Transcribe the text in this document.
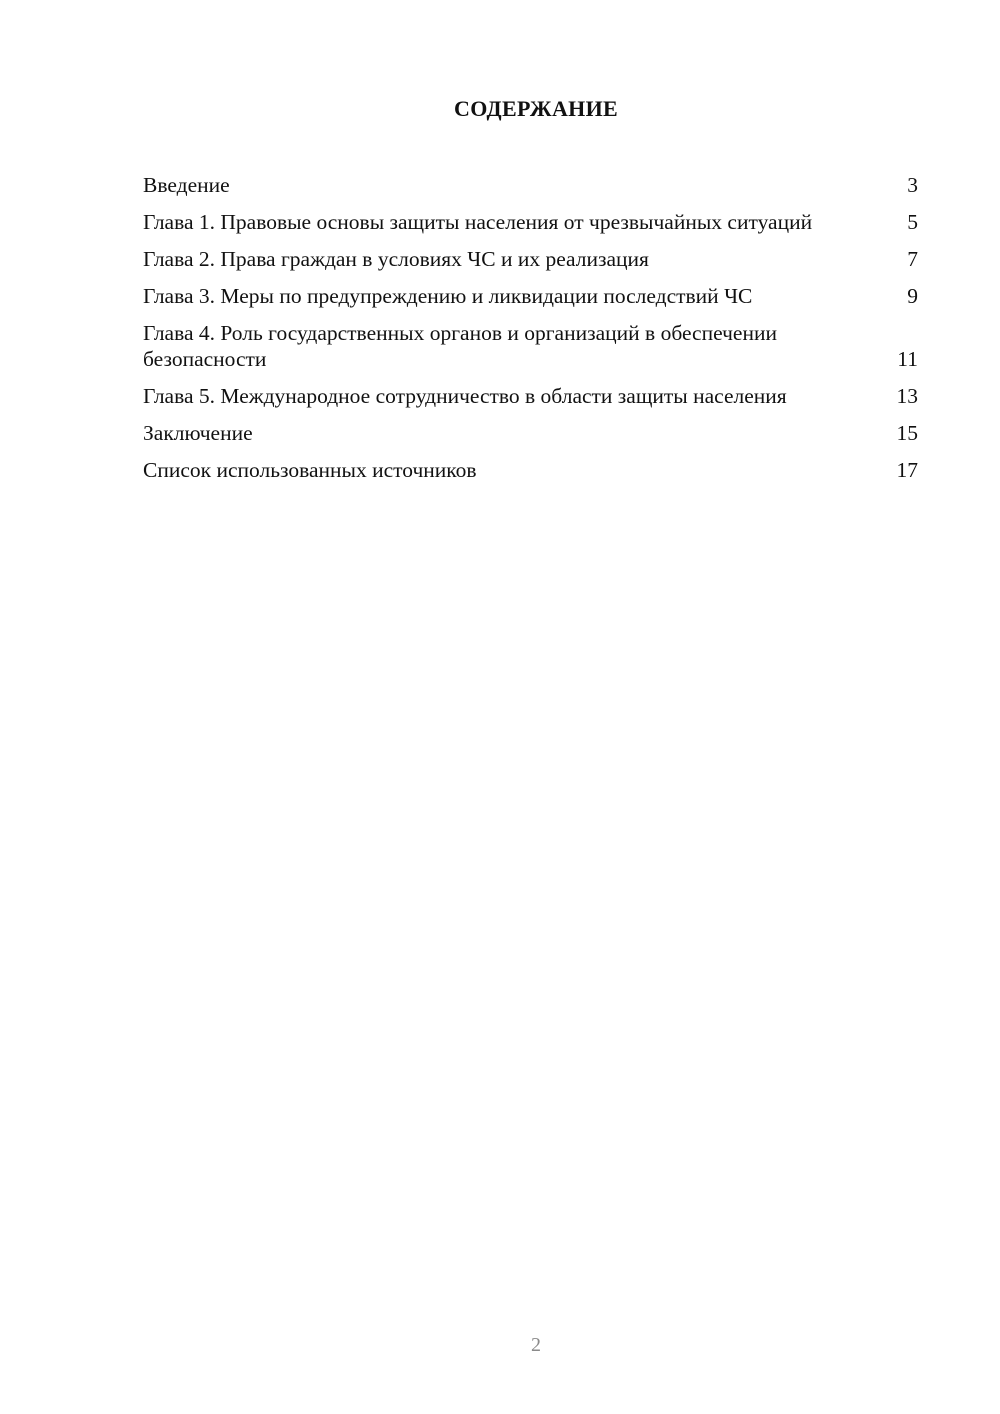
СОДЕРЖАНИЕ
Введение	3
Глава 1. Правовые основы защиты населения от чрезвычайных ситуаций	5
Глава 2. Права граждан в условиях ЧС и их реализация	7
Глава 3. Меры по предупреждению и ликвидации последствий ЧС	9
Глава 4. Роль государственных органов и организаций в обеспечении безопасности	11
Глава 5. Международное сотрудничество в области защиты населения	13
Заключение	15
Список использованных источников	17
2
